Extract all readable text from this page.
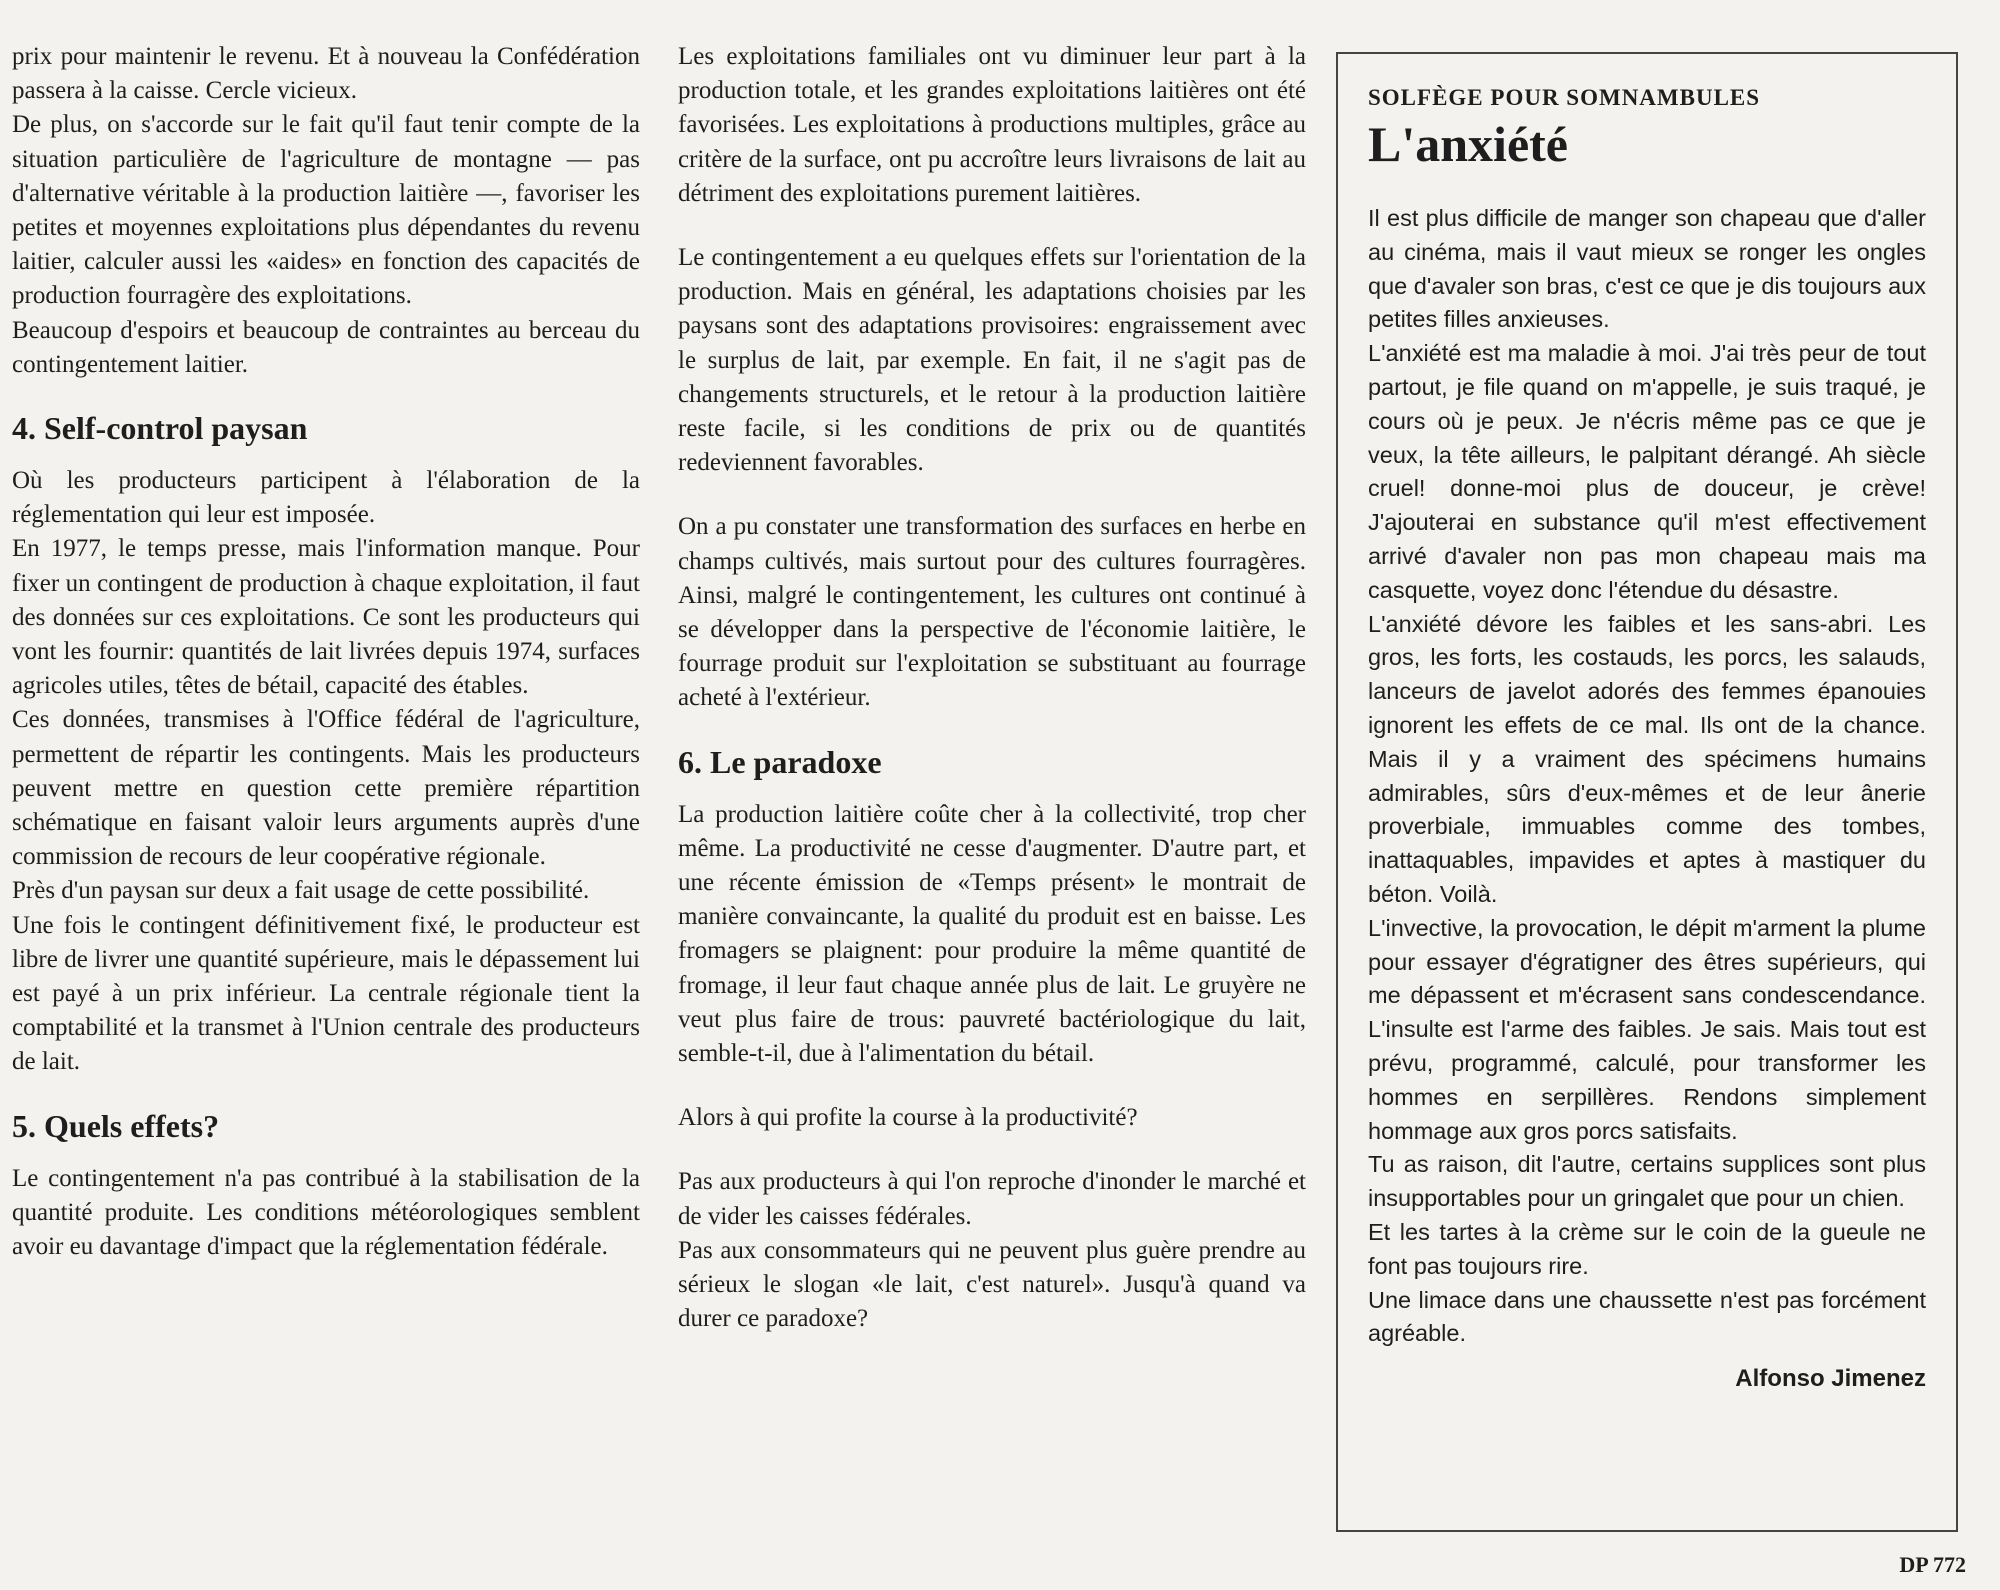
prix pour maintenir le revenu. Et à nouveau la Confédération passera à la caisse. Cercle vicieux.

De plus, on s'accorde sur le fait qu'il faut tenir compte de la situation particulière de l'agriculture de montagne — pas d'alternative véritable à la production laitière —, favoriser les petites et moyennes exploitations plus dépendantes du revenu laitier, calculer aussi les «aides» en fonction des capacités de production fourragère des exploitations.

Beaucoup d'espoirs et beaucoup de contraintes au berceau du contingentement laitier.

4. Self-control paysan

Où les producteurs participent à l'élaboration de la réglementation qui leur est imposée.

En 1977, le temps presse, mais l'information manque. Pour fixer un contingent de production à chaque exploitation, il faut des données sur ces exploitations. Ce sont les producteurs qui vont les fournir: quantités de lait livrées depuis 1974, surfaces agricoles utiles, têtes de bétail, capacité des étables.

Ces données, transmises à l'Office fédéral de l'agriculture, permettent de répartir les contingents. Mais les producteurs peuvent mettre en question cette première répartition schématique en faisant valoir leurs arguments auprès d'une commission de recours de leur coopérative régionale.

Près d'un paysan sur deux a fait usage de cette possibilité.

Une fois le contingent définitivement fixé, le producteur est libre de livrer une quantité supérieure, mais le dépassement lui est payé à un prix inférieur. La centrale régionale tient la comptabilité et la transmet à l'Union centrale des producteurs de lait.

5. Quels effets?

Le contingentement n'a pas contribué à la stabilisation de la quantité produite. Les conditions météorologiques semblent avoir eu davantage d'impact que la réglementation fédérale.

Les exploitations familiales ont vu diminuer leur part à la production totale, et les grandes exploitations laitières ont été favorisées. Les exploitations à productions multiples, grâce au critère de la surface, ont pu accroître leurs livraisons de lait au détriment des exploitations purement laitières.

Le contingentement a eu quelques effets sur l'orientation de la production. Mais en général, les adaptations choisies par les paysans sont des adaptations provisoires: engraissement avec le surplus de lait, par exemple. En fait, il ne s'agit pas de changements structurels, et le retour à la production laitière reste facile, si les conditions de prix ou de quantités redeviennent favorables.

On a pu constater une transformation des surfaces en herbe en champs cultivés, mais surtout pour des cultures fourragères. Ainsi, malgré le contingentement, les cultures ont continué à se développer dans la perspective de l'économie laitière, le fourrage produit sur l'exploitation se substituant au fourrage acheté à l'extérieur.

6. Le paradoxe

La production laitière coûte cher à la collectivité, trop cher même. La productivité ne cesse d'augmenter. D'autre part, et une récente émission de «Temps présent» le montrait de manière convaincante, la qualité du produit est en baisse. Les fromagers se plaignent: pour produire la même quantité de fromage, il leur faut chaque année plus de lait. Le gruyère ne veut plus faire de trous: pauvreté bactériologique du lait, semble-t-il, due à l'alimentation du bétail.

Alors à qui profite la course à la productivité?

Pas aux producteurs à qui l'on reproche d'inonder le marché et de vider les caisses fédérales.

Pas aux consommateurs qui ne peuvent plus guère prendre au sérieux le slogan «le lait, c'est naturel». Jusqu'à quand va durer ce paradoxe?

SOLFÈGE POUR SOMNAMBULES

L'anxiété

Il est plus difficile de manger son chapeau que d'aller au cinéma, mais il vaut mieux se ronger les ongles que d'avaler son bras, c'est ce que je dis toujours aux petites filles anxieuses.

L'anxiété est ma maladie à moi. J'ai très peur de tout partout, je file quand on m'appelle, je suis traqué, je cours où je peux. Je n'écris même pas ce que je veux, la tête ailleurs, le palpitant dérangé. Ah siècle cruel! donne-moi plus de douceur, je crève! J'ajouterai en substance qu'il m'est effectivement arrivé d'avaler non pas mon chapeau mais ma casquette, voyez donc l'étendue du désastre.

L'anxiété dévore les faibles et les sans-abri. Les gros, les forts, les costauds, les porcs, les salauds, lanceurs de javelot adorés des femmes épanouies ignorent les effets de ce mal. Ils ont de la chance. Mais il y a vraiment des spécimens humains admirables, sûrs d'eux-mêmes et de leur ânerie proverbiale, immuables comme des tombes, inattaquables, impavides et aptes à mastiquer du béton. Voilà.

L'invective, la provocation, le dépit m'arment la plume pour essayer d'égratigner des êtres supérieurs, qui me dépassent et m'écrasent sans condescendance. L'insulte est l'arme des faibles. Je sais. Mais tout est prévu, programmé, calculé, pour transformer les hommes en serpillères. Rendons simplement hommage aux gros porcs satisfaits.

Tu as raison, dit l'autre, certains supplices sont plus insupportables pour un gringalet que pour un chien.

Et les tartes à la crème sur le coin de la gueule ne font pas toujours rire.

Une limace dans une chaussette n'est pas forcément agréable.

Alfonso Jimenez
DP 772
